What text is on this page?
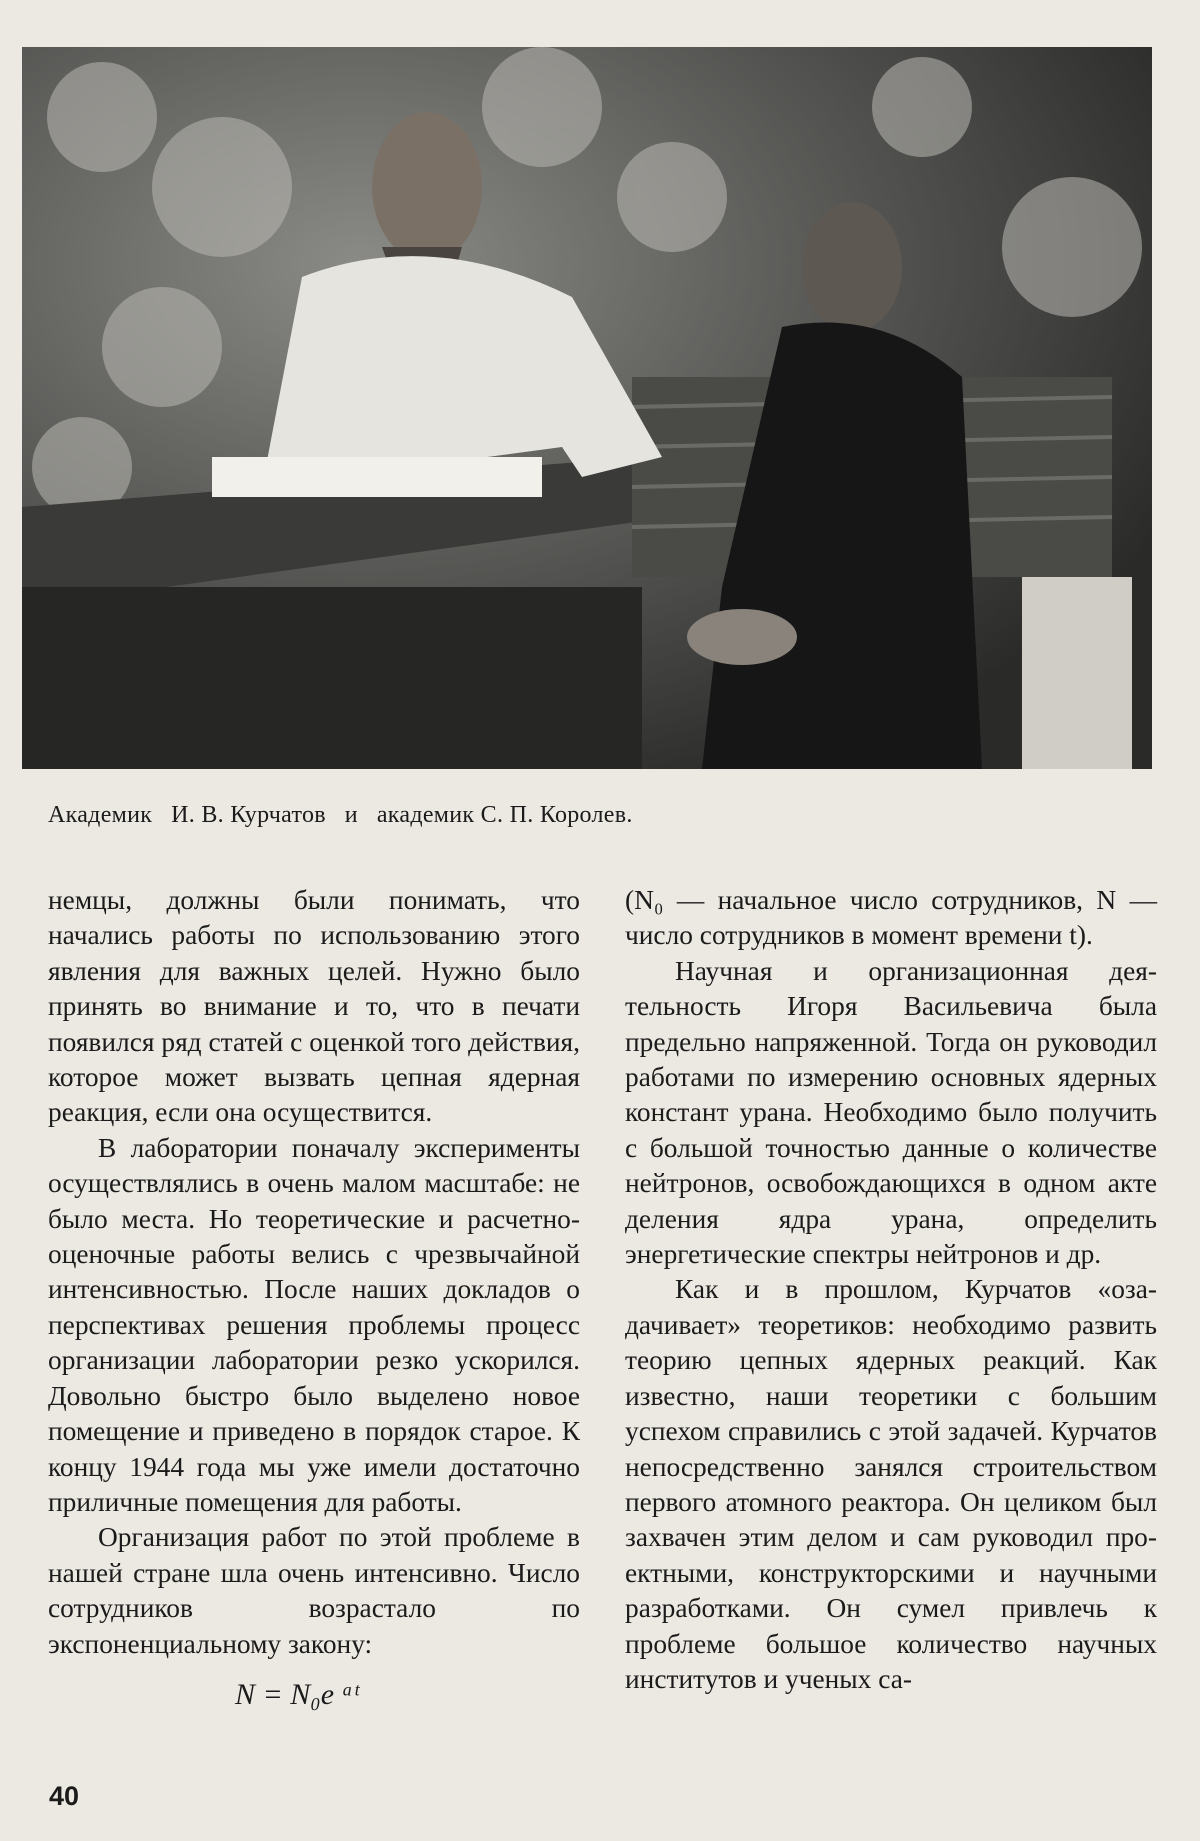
Академик   И. В. Курчатов   и   академик С. П. Королев.

немцы, должны были понимать, что начались работы по использованию этого явления для важных целей. Нужно было принять во внимание и то, что в печати появился ряд статей с оценкой того действия, которое может вызвать цепная ядерная реакция, если она осуществится.

В лаборатории поначалу эксперименты осуществлялись в очень малом масштабе: не было места. Но теоретические и расчетно-оценочные работы велись с чрезвычайной интенсивностью. После наших докладов о перспективах решения проблемы процесс организации лаборатории резко ускорился. Довольно быстро было выделено новое помещение и приведено в порядок старое. К концу 1944 года мы уже имели достаточно приличные помещения для работы.

Организация работ по этой проблеме в нашей стране шла очень интенсивно. Число сотрудников возрастало по экспоненциальному закону:

N = N₀e ᵃᵗ

(N₀ — начальное число сотрудников, N — число сотрудников в момент времени t).

Научная и организационная деятельность Игоря Васильевича была предельно напряженной. Тогда он руководил работами по измерению основных ядерных констант урана. Необходимо было получить с большой точностью данные о количестве нейтронов, освобождающихся в одном акте деления ядра урана, определить энергетические спектры нейтронов и др.

Как и в прошлом, Курчатов «озадачивает» теоретиков: необходимо развить теорию цепных ядерных реакций. Как известно, наши теоретики с большим успехом справились с этой задачей. Курчатов непосредственно занялся строительством первого атомного реактора. Он целиком был захвачен этим делом и сам руководил проектными, конструкторскими и научными разработками. Он сумел привлечь к проблеме большое количество научных институтов и ученых са-

40
